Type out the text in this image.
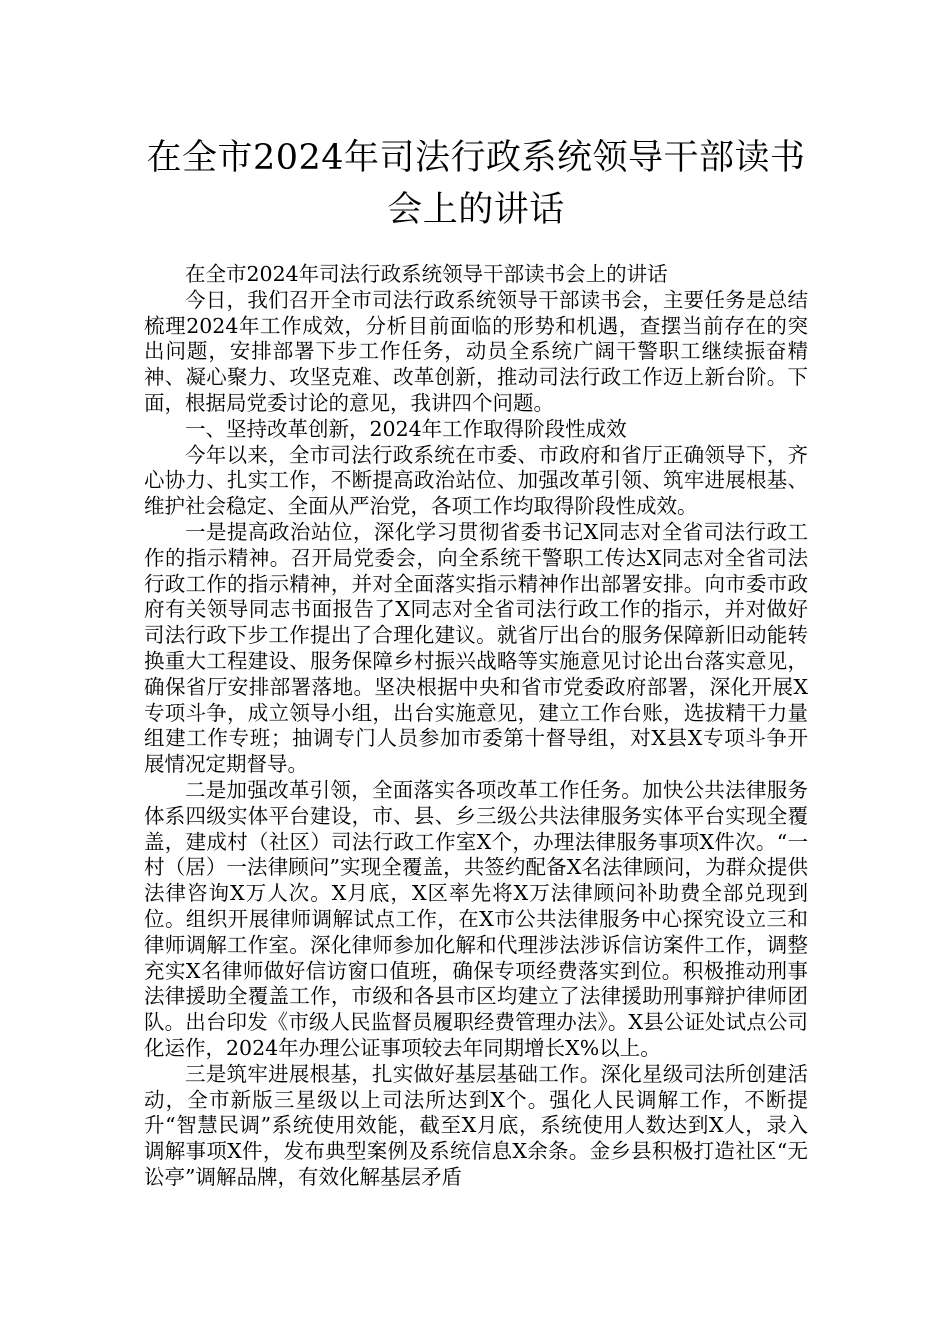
在全市2024年司法行政系统领导干部读书会上的讲话

在全市2024年司法行政系统领导干部读书会上的讲话

今日，我们召开全市司法行政系统领导干部读书会，主要任务是总结梳理2024年工作成效，分析目前面临的形势和机遇，查摆当前存在的突出问题，安排部署下步工作任务，动员全系统广阔干警职工继续振奋精神、凝心聚力、攻坚克难、改革创新，推动司法行政工作迈上新台阶。下面，根据局党委讨论的意见，我讲四个问题。

一、坚持改革创新，2024年工作取得阶段性成效

今年以来，全市司法行政系统在市委、市政府和省厅正确领导下，齐心协力、扎实工作，不断提高政治站位、加强改革引领、筑牢进展根基、维护社会稳定、全面从严治党，各项工作均取得阶段性成效。

一是提高政治站位，深化学习贯彻省委书记X同志对全省司法行政工作的指示精神。召开局党委会，向全系统干警职工传达X同志对全省司法行政工作的指示精神，并对全面落实指示精神作出部署安排。向市委市政府有关领导同志书面报告了X同志对全省司法行政工作的指示，并对做好司法行政下步工作提出了合理化建议。就省厅出台的服务保障新旧动能转换重大工程建设、服务保障乡村振兴战略等实施意见讨论出台落实意见，确保省厅安排部署落地。坚决根据中央和省市党委政府部署，深化开展X专项斗争，成立领导小组，出台实施意见，建立工作台账，选拔精干力量组建工作专班；抽调专门人员参加市委第十督导组，对X县X专项斗争开展情况定期督导。

二是加强改革引领，全面落实各项改革工作任务。加快公共法律服务体系四级实体平台建设，市、县、乡三级公共法律服务实体平台实现全覆盖，建成村（社区）司法行政工作室X个，办理法律服务事项X件次。“一村（居）一法律顾问”实现全覆盖，共签约配备X名法律顾问，为群众提供法律咨询X万人次。X月底，X区率先将X万法律顾问补助费全部兑现到位。组织开展律师调解试点工作，在X市公共法律服务中心探究设立三和律师调解工作室。深化律师参加化解和代理涉法涉诉信访案件工作，调整充实X名律师做好信访窗口值班，确保专项经费落实到位。积极推动刑事法律援助全覆盖工作，市级和各县市区均建立了法律援助刑事辩护律师团队。出台印发《市级人民监督员履职经费管理办法》。X县公证处试点公司化运作，2024年办理公证事项较去年同期增长X%以上。

三是筑牢进展根基，扎实做好基层基础工作。深化星级司法所创建活动，全市新版三星级以上司法所达到X个。强化人民调解工作，不断提升“智慧民调”系统使用效能，截至X月底，系统使用人数达到X人，录入调解事项X件，发布典型案例及系统信息X余条。金乡县积极打造社区“无讼亭”调解品牌，有效化解基层矛盾
